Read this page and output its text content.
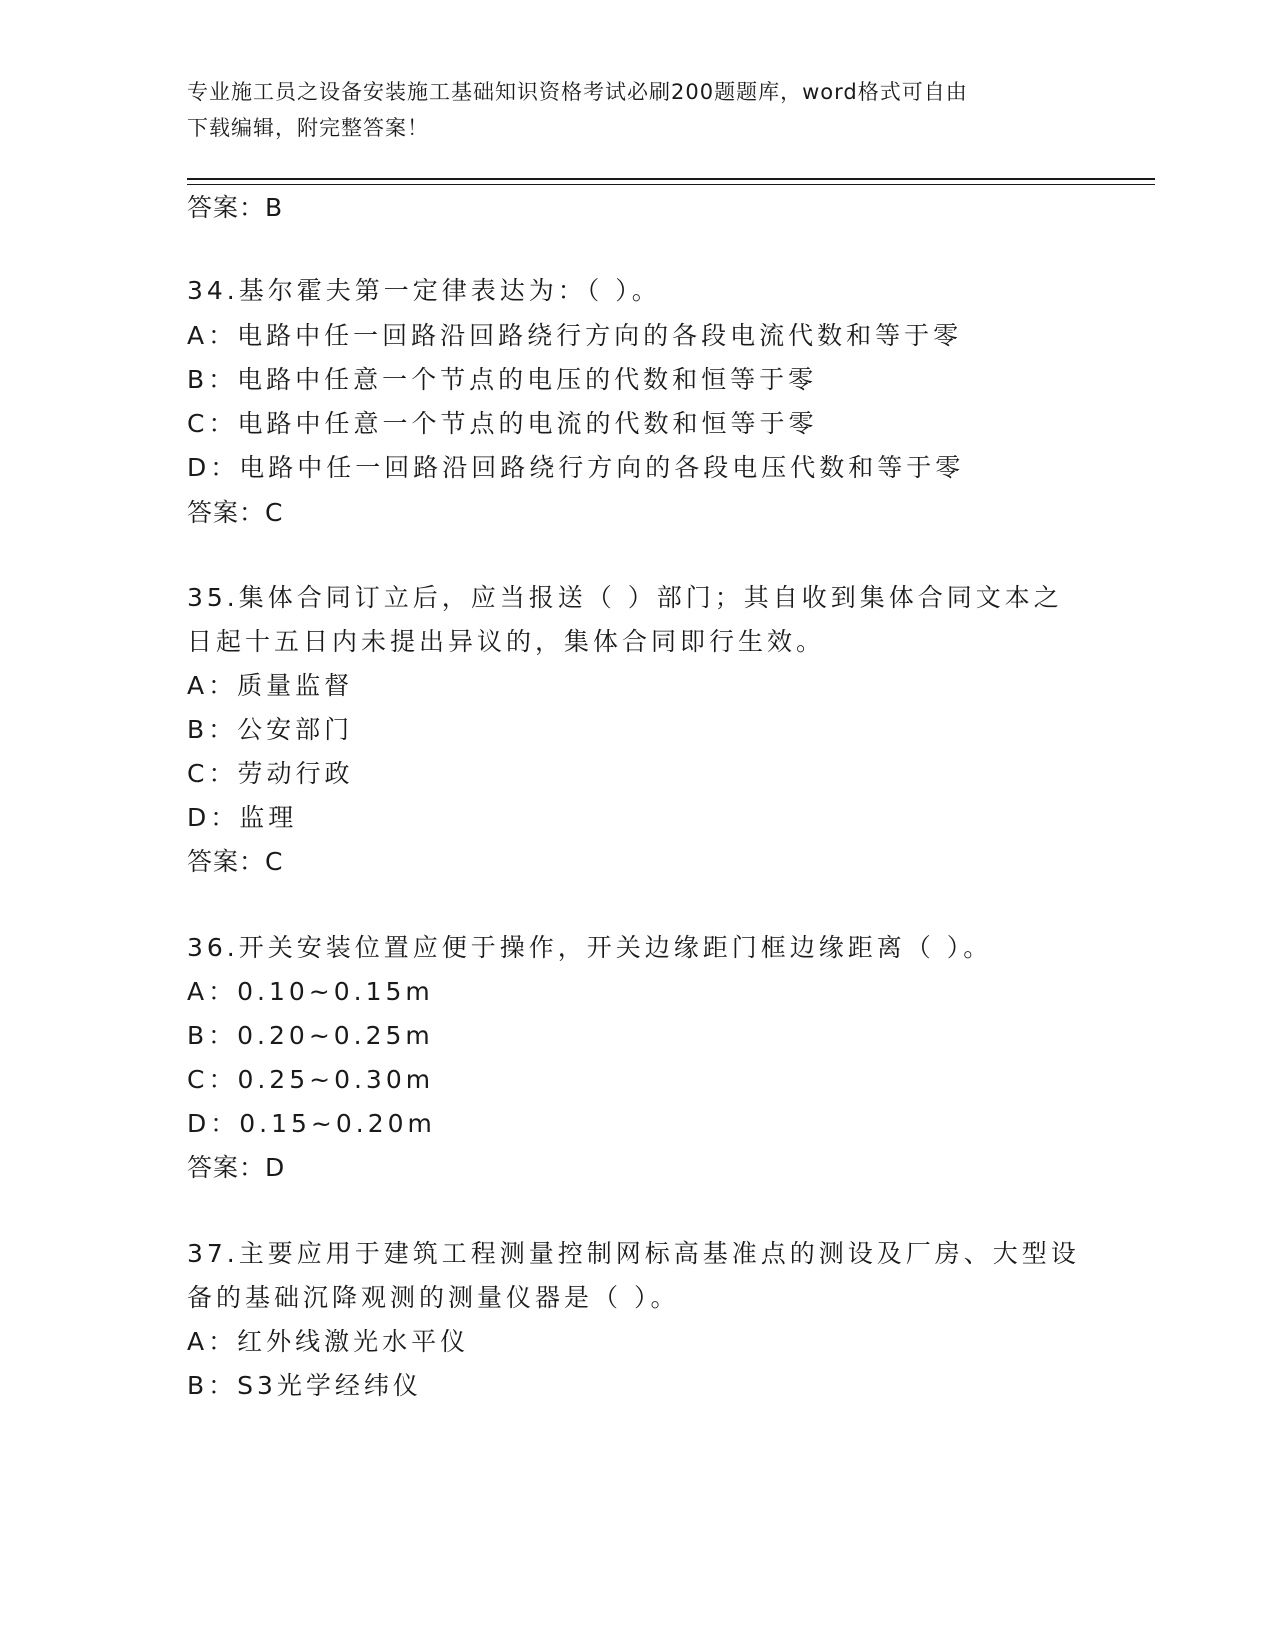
专业施工员之设备安装施工基础知识资格考试必刷200题题库，word格式可自由
下载编辑，附完整答案！
答案：B
34.基尔霍夫第一定律表达为：（ ）。
A：电路中任一回路沿回路绕行方向的各段电流代数和等于零
B：电路中任意一个节点的电压的代数和恒等于零
C：电路中任意一个节点的电流的代数和恒等于零
D：电路中任一回路沿回路绕行方向的各段电压代数和等于零
答案：C
35.集体合同订立后，应当报送（ ）部门；其自收到集体合同文本之
日起十五日内未提出异议的，集体合同即行生效。
A：质量监督
B：公安部门
C：劳动行政
D：监理
答案：C
36.开关安装位置应便于操作，开关边缘距门框边缘距离（ ）。
A：0.10~0.15m
B：0.20~0.25m
C：0.25~0.30m
D：0.15~0.20m
答案：D
37.主要应用于建筑工程测量控制网标高基准点的测设及厂房、大型设
备的基础沉降观测的测量仪器是（ ）。
A：红外线激光水平仪
B：S3光学经纬仪
